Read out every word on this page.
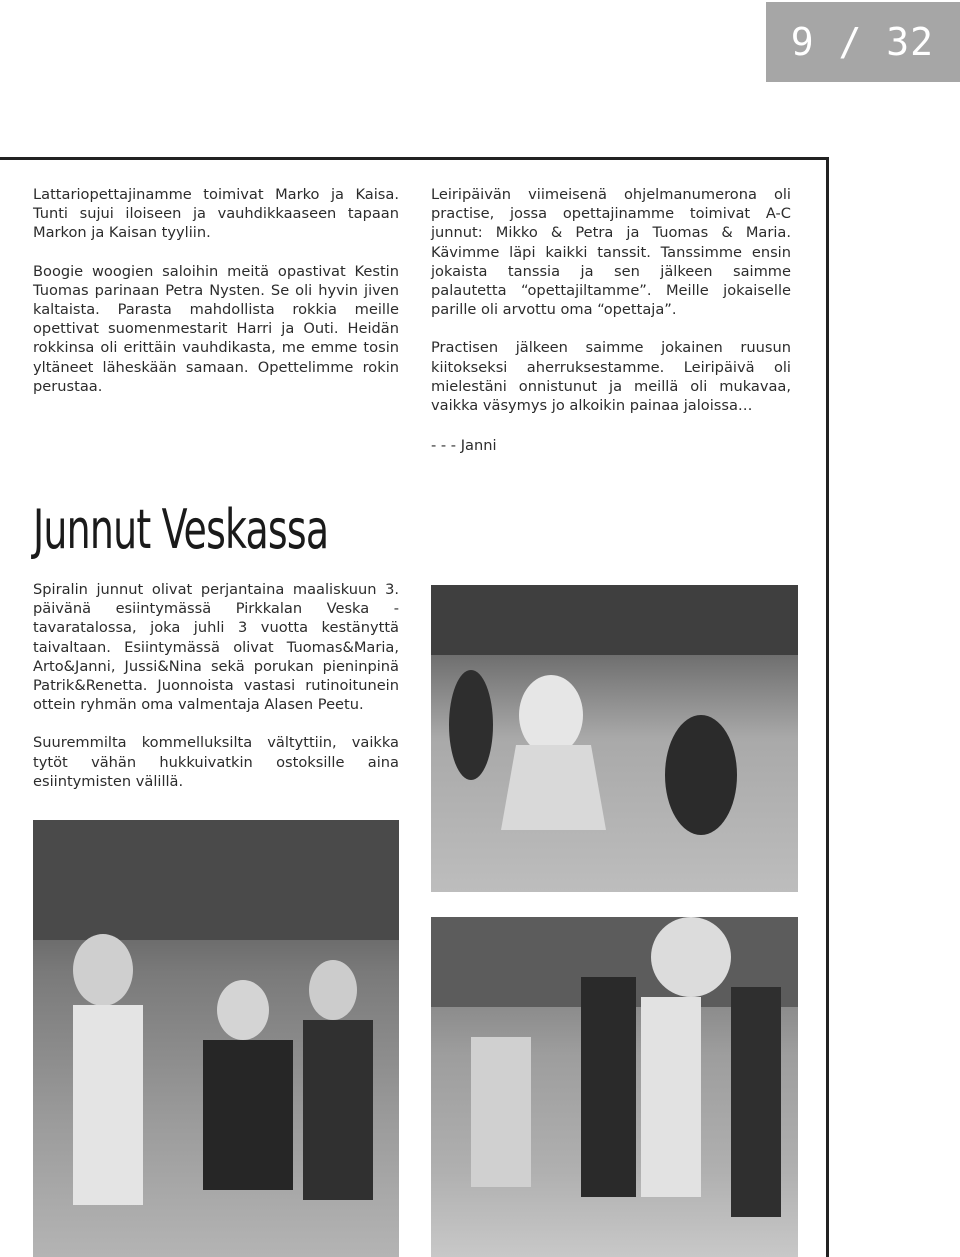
9 / 32

Lattariopettajinamme toimivat Marko ja Kaisa. Tunti sujui iloiseen ja vauhdikkaaseen tapaan Markon ja Kaisan tyyliin.

Boogie woogien saloihin meitä opastivat Kestin Tuomas parinaan Petra Nysten. Se oli hyvin jiven kaltaista. Parasta mahdollista rokkia meille opettivat suomenmestarit Harri ja Outi. Heidän rokkinsa oli erittäin vauhdikasta, me emme tosin yltäneet läheskään samaan. Opettelimme rokin perustaa.

Leiripäivän viimeisenä ohjelmanumerona oli practise, jossa opettajinamme toimivat A-C junnut: Mikko & Petra ja Tuomas & Maria. Kävimme läpi kaikki tanssit. Tanssimme ensin jokaista tanssia ja sen jälkeen saimme palautetta “opettajiltamme”. Meille jokaiselle parille oli arvottu oma “opettaja”.

Practisen jälkeen saimme jokainen ruusun kiitokseksi aherruksestamme. Leiripäivä oli mielestäni onnistunut ja meillä oli mukavaa, vaikka väsymys jo alkoikin painaa jaloissa…

- - - Janni
Junnut Veskassa

Spiralin junnut olivat perjantaina maaliskuun 3. päivänä esiintymässä Pirkkalan Veska -tavaratalossa, joka juhli 3 vuotta kestänyttä taivaltaan. Esiintymässä olivat Tuomas&Maria, Arto&Janni, Jussi&Nina sekä porukan pieninpinä Patrik&Renetta. Juonnoista vastasi rutinoitunein ottein ryhmän oma valmentaja Alasen Peetu.

Suuremmilta kommelluksilta vältyttiin, vaikka tytöt vähän hukkuivatkin ostoksille aina esiintymisten välillä.
